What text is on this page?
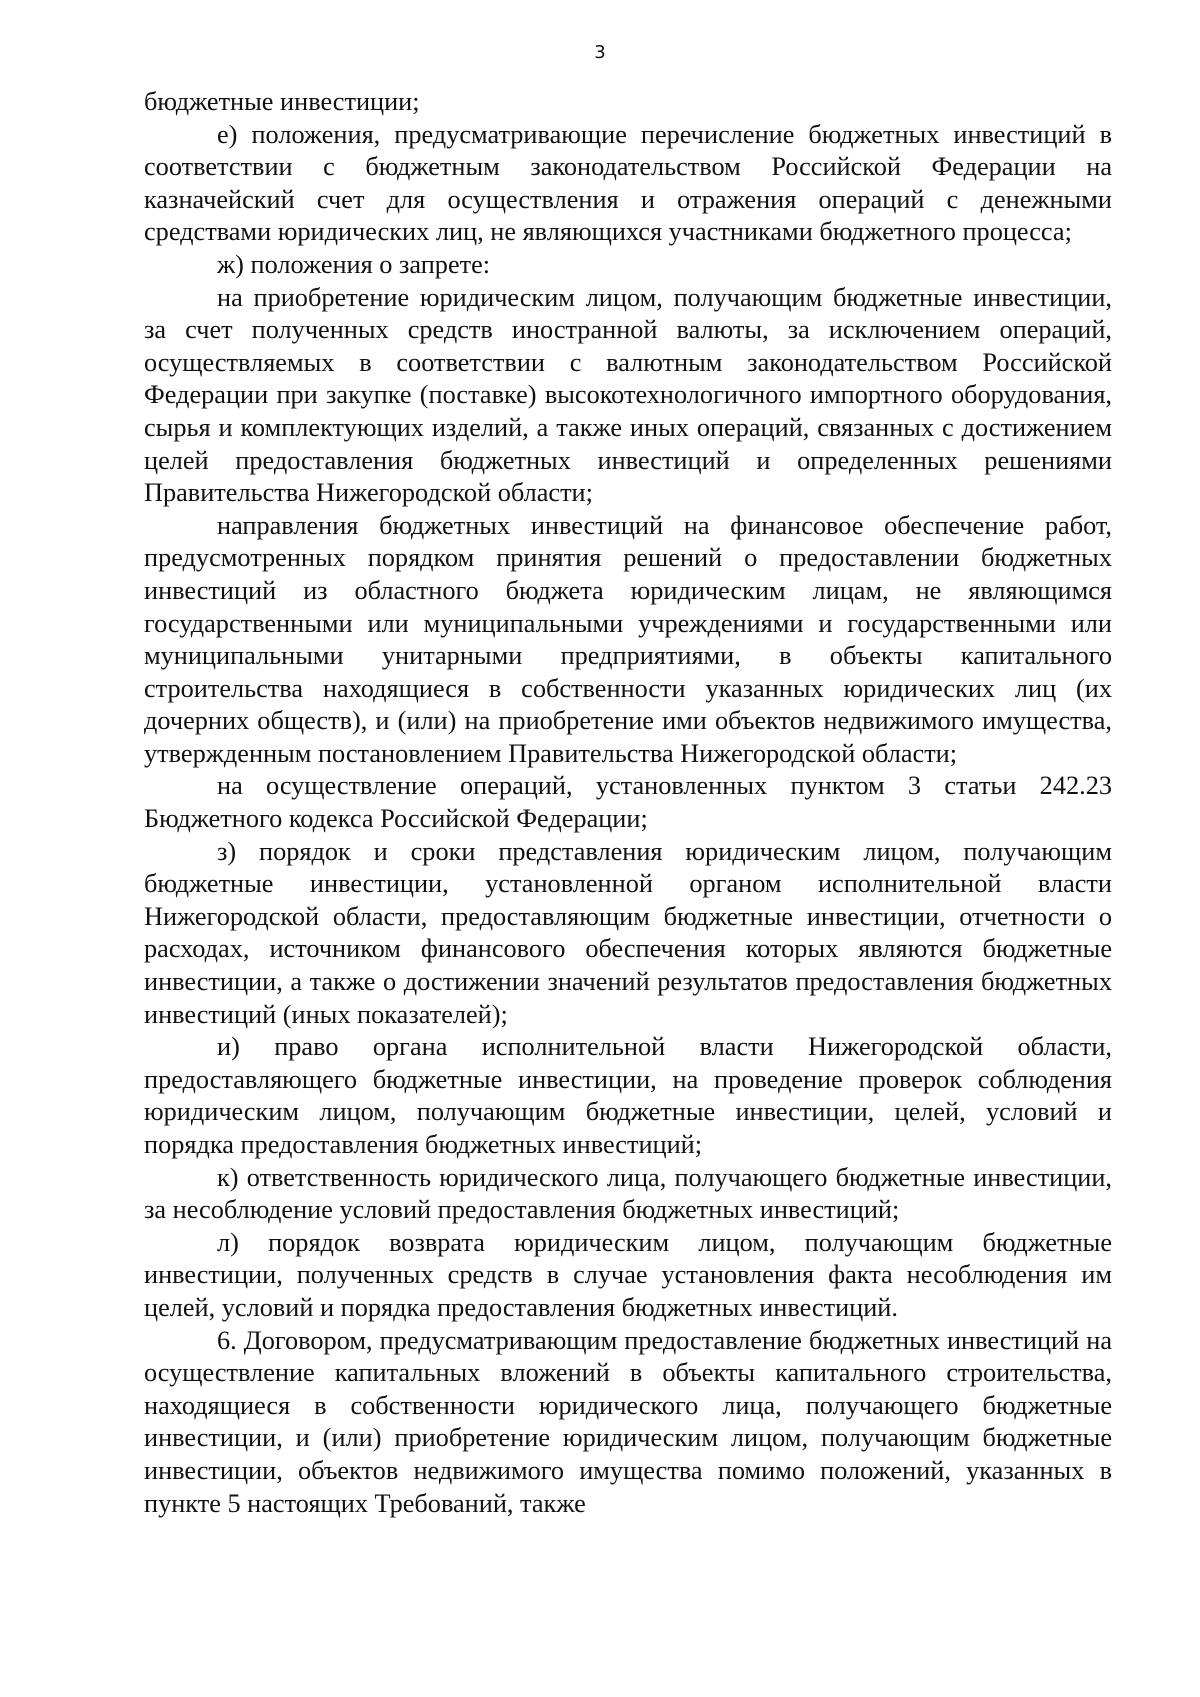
3

бюджетные инвестиции;

е) положения, предусматривающие перечисление бюджетных инвестиций в соответствии с бюджетным законодательством Российской Федерации на казначейский счет для осуществления и отражения операций с денежными средствами юридических лиц, не являющихся участниками бюджетного процесса;

ж) положения о запрете:

на приобретение юридическим лицом, получающим бюджетные инвестиции, за счет полученных средств иностранной валюты, за исключением операций, осуществляемых в соответствии с валютным законодательством Российской Федерации при закупке (поставке) высокотехнологичного импортного оборудования, сырья и комплектующих изделий, а также иных операций, связанных с достижением целей предоставления бюджетных инвестиций и определенных решениями Правительства Нижегородской области;

направления бюджетных инвестиций на финансовое обеспечение работ, предусмотренных порядком принятия решений о предоставлении бюджетных инвестиций из областного бюджета юридическим лицам, не являющимся государственными или муниципальными учреждениями и государственными или муниципальными унитарными предприятиями, в объекты капитального строительства находящиеся в собственности указанных юридических лиц (их дочерних обществ), и (или) на приобретение ими объектов недвижимого имущества, утвержденным постановлением Правительства Нижегородской области;

на осуществление операций, установленных пунктом 3 статьи 242.23 Бюджетного кодекса Российской Федерации;

з) порядок и сроки представления юридическим лицом, получающим бюджетные инвестиции, установленной органом исполнительной власти Нижегородской области, предоставляющим бюджетные инвестиции, отчетности о расходах, источником финансового обеспечения которых являются бюджетные инвестиции, а также о достижении значений результатов предоставления бюджетных инвестиций (иных показателей);

и) право органа исполнительной власти Нижегородской области, предоставляющего бюджетные инвестиции, на проведение проверок соблюдения юридическим лицом, получающим бюджетные инвестиции, целей, условий и порядка предоставления бюджетных инвестиций;

к) ответственность юридического лица, получающего бюджетные инвестиции, за несоблюдение условий предоставления бюджетных инвестиций;

л) порядок возврата юридическим лицом, получающим бюджетные инвестиции, полученных средств в случае установления факта несоблюдения им целей, условий и порядка предоставления бюджетных инвестиций.

6. Договором, предусматривающим предоставление бюджетных инвестиций на осуществление капитальных вложений в объекты капитального строительства, находящиеся в собственности юридического лица, получающего бюджетные инвестиции, и (или) приобретение юридическим лицом, получающим бюджетные инвестиции, объектов недвижимого имущества помимо положений, указанных в пункте 5 настоящих Требований, также
